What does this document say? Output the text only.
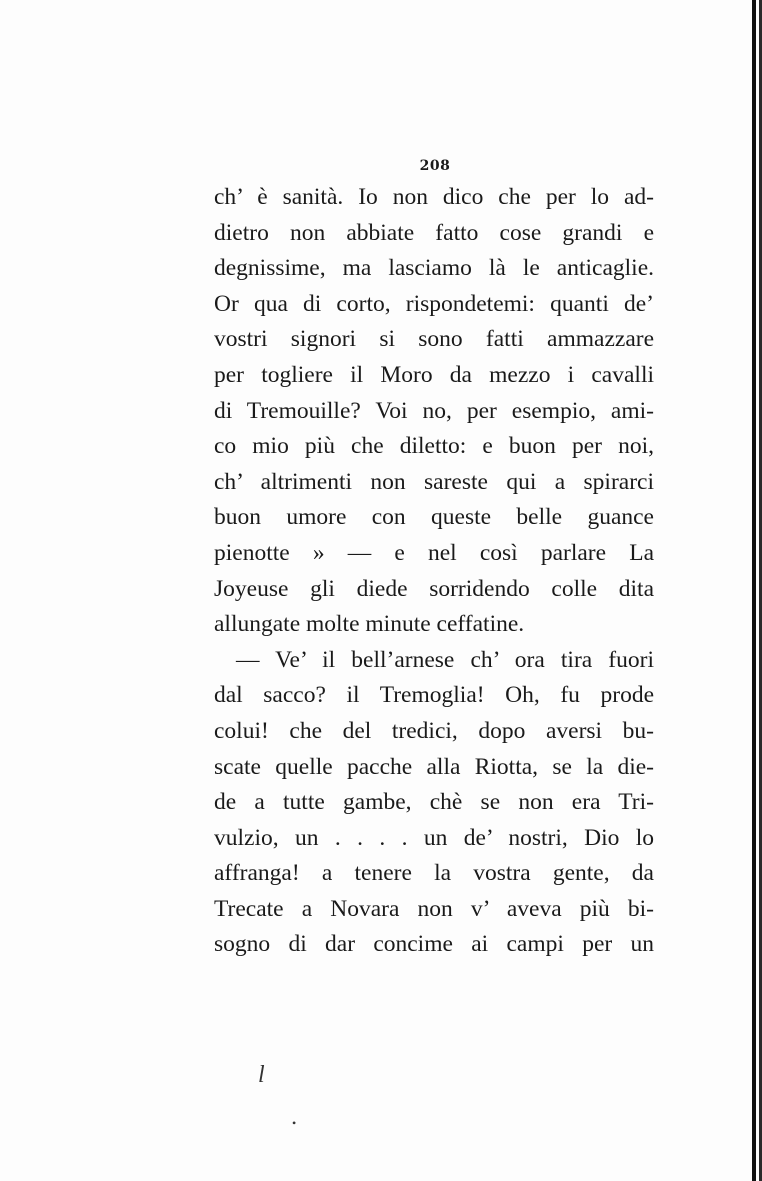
208
ch’ è sanità. Io non dico che per lo ad-
dietro non abbiate fatto cose grandi e
degnissime, ma lasciamo là le anticaglie.
Or qua di corto, rispondetemi: quanti de’
vostri signori si sono fatti ammazzare
per togliere il Moro da mezzo i cavalli
di Tremouille? Voi no, per esempio, ami-
co mio più che diletto: e buon per noi,
ch’ altrimenti non sareste qui a spirarci
buon umore con queste belle guance
pienotte » — e nel così parlare La
Joyeuse gli diede sorridendo colle dita
allungate molte minute ceffatine.
— Ve’ il bell’arnese ch’ ora tira fuori
dal sacco? il Tremoglia! Oh, fu prode
colui! che del tredici, dopo aversi bu-
scate quelle pacche alla Riotta, se la die-
de a tutte gambe, chè se non era Tri-
vulzio, un . . . . un de’ nostri, Dio lo
affranga! a tenere la vostra gente, da
Trecate a Novara non v’ aveva più bi-
sogno di dar concime ai campi per un
l
•
